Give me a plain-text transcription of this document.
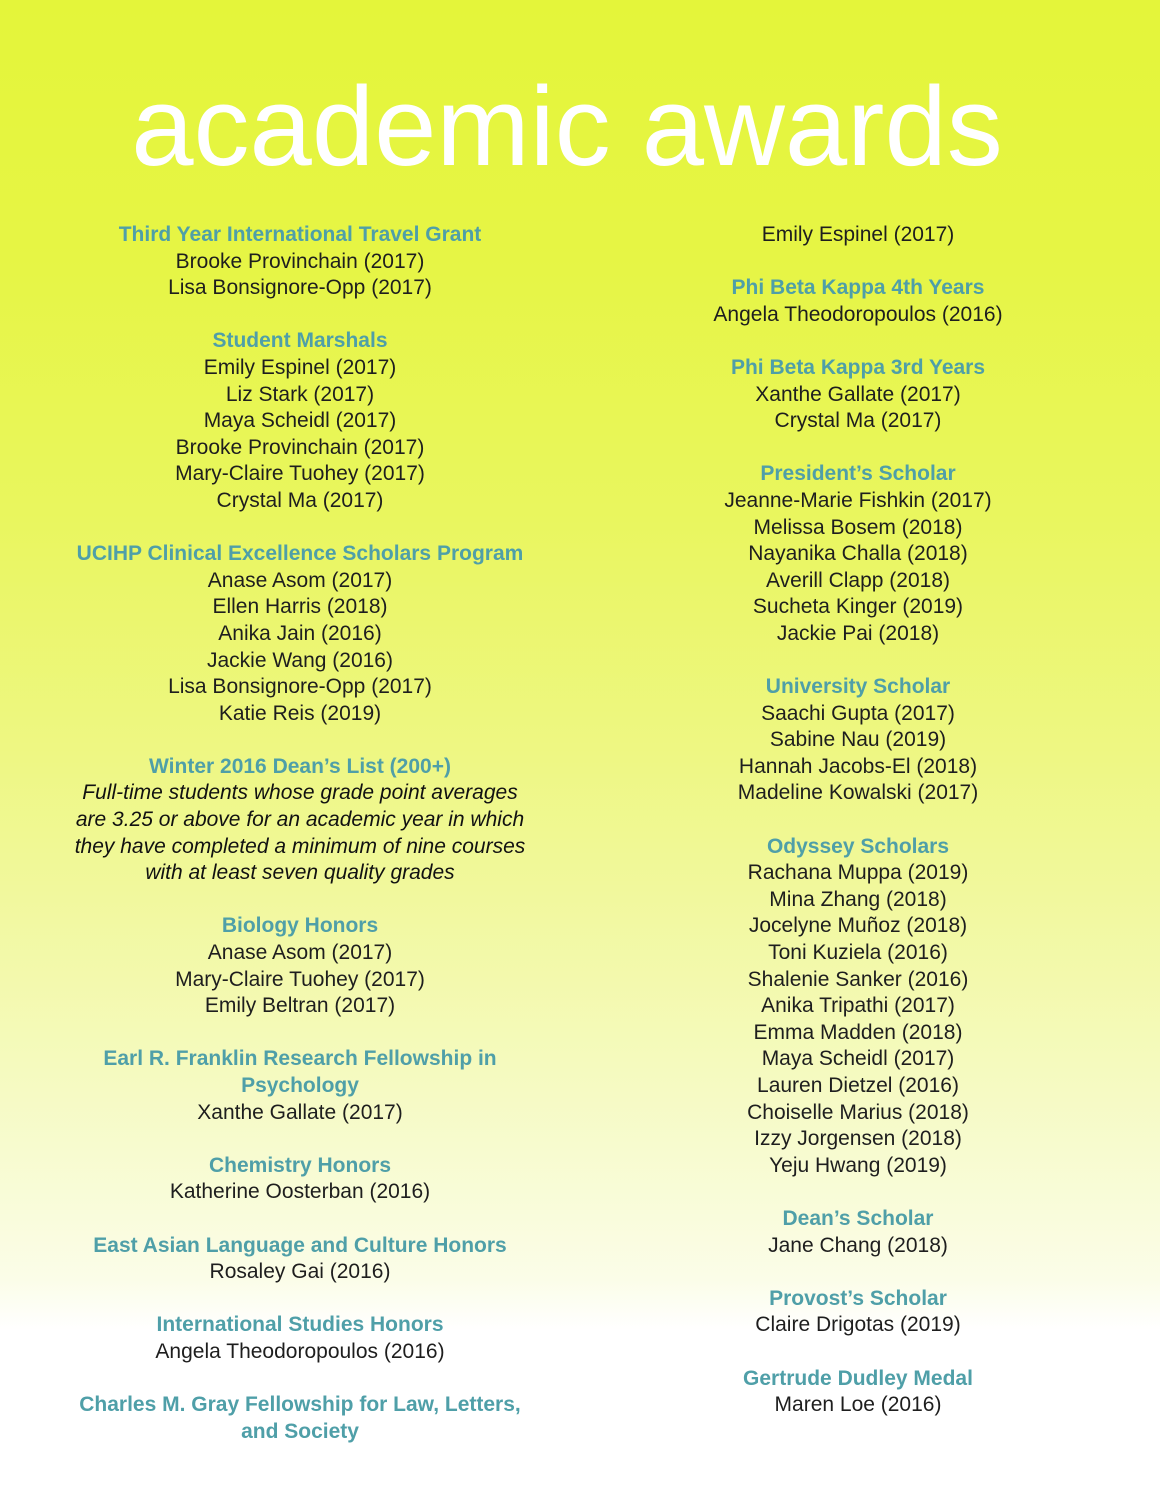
academic awards
Third Year International Travel Grant
Brooke Provinchain (2017)
Lisa Bonsignore-Opp (2017)
Student Marshals
Emily Espinel (2017)
Liz Stark (2017)
Maya Scheidl (2017)
Brooke Provinchain (2017)
Mary-Claire Tuohey (2017)
Crystal Ma (2017)
UCIHP Clinical Excellence Scholars Program
Anase Asom (2017)
Ellen Harris (2018)
Anika Jain (2016)
Jackie Wang (2016)
Lisa Bonsignore-Opp (2017)
Katie Reis (2019)
Winter 2016 Dean’s List (200+)
Full-time students whose grade point averages
are 3.25 or above for an academic year in which
they have completed a minimum of nine courses
with at least seven quality grades
Biology Honors
Anase Asom (2017)
Mary-Claire Tuohey (2017)
Emily Beltran (2017)
Earl R. Franklin Research Fellowship in
Psychology
Xanthe Gallate (2017)
Chemistry Honors
Katherine Oosterban (2016)
East Asian Language and Culture Honors
Rosaley Gai (2016)
International Studies Honors
Angela Theodoropoulos (2016)
Charles M. Gray Fellowship for Law, Letters,
and Society
Emily Espinel (2017)
Phi Beta Kappa 4th Years
Angela Theodoropoulos (2016)
Phi Beta Kappa 3rd Years
Xanthe Gallate (2017)
Crystal Ma (2017)
President’s Scholar
Jeanne-Marie Fishkin (2017)
Melissa Bosem (2018)
Nayanika Challa (2018)
Averill Clapp (2018)
Sucheta Kinger (2019)
Jackie Pai (2018)
University Scholar
Saachi Gupta (2017)
Sabine Nau (2019)
Hannah Jacobs-El (2018)
Madeline Kowalski (2017)
Odyssey Scholars
Rachana Muppa (2019)
Mina Zhang (2018)
Jocelyne Muñoz (2018)
Toni Kuziela (2016)
Shalenie Sanker (2016)
Anika Tripathi (2017)
Emma Madden (2018)
Maya Scheidl (2017)
Lauren Dietzel (2016)
Choiselle Marius (2018)
Izzy Jorgensen (2018)
Yeju Hwang (2019)
Dean’s Scholar
Jane Chang (2018)
Provost’s Scholar
Claire Drigotas (2019)
Gertrude Dudley Medal
Maren Loe (2016)
